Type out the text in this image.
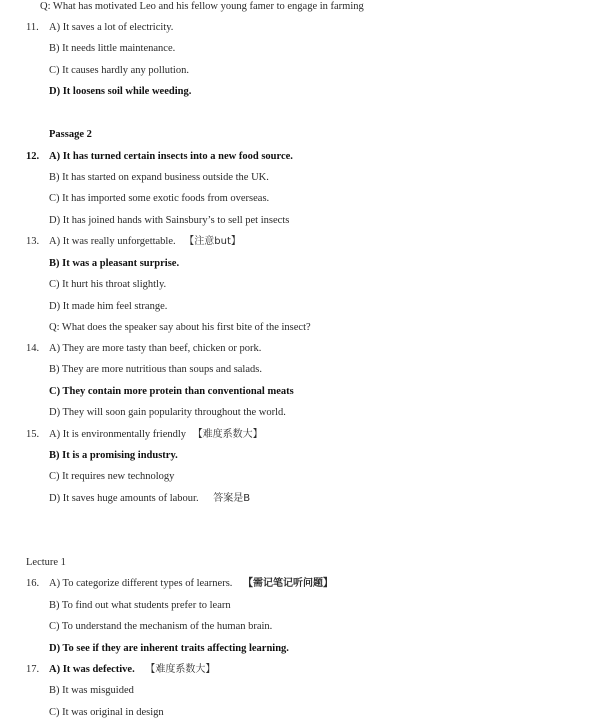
Q: What has motivated Leo and his fellow young famer to engage in farming
11. A) It saves a lot of electricity.
B) It needs little maintenance.
C) It causes hardly any pollution.
D) It loosens soil while weeding.
Passage 2
12. A) It has turned certain insects into a new food source.
B) It has started on expand business outside the UK.
C) It has imported some exotic foods from overseas.
D) It has joined hands with Sainsbury’s to sell pet insects
13. A) It was really unforgettable. 【注意but】
B) It was a pleasant surprise.
C) It hurt his throat slightly.
D) It made him feel strange.
Q: What does the speaker say about his first bite of the insect?
14. A) They are more tasty than beef, chicken or pork.
B) They are more nutritious than soups and salads.
C) They contain more protein than conventional meats
D) They will soon gain popularity throughout the world.
15. A) It is environmentally friendly 【难度系数大】
B) It is a promising industry.
C) It requires new technology
D) It saves huge amounts of labour. 答案是B
Lecture 1
16. A) To categorize different types of learners. 【需记笔记听问题】
B) To find out what students prefer to learn
C) To understand the mechanism of the human brain.
D) To see if they are inherent traits affecting learning.
17. A) It was defective. 【难度系数大】
B) It was misguided
C) It was original in design
